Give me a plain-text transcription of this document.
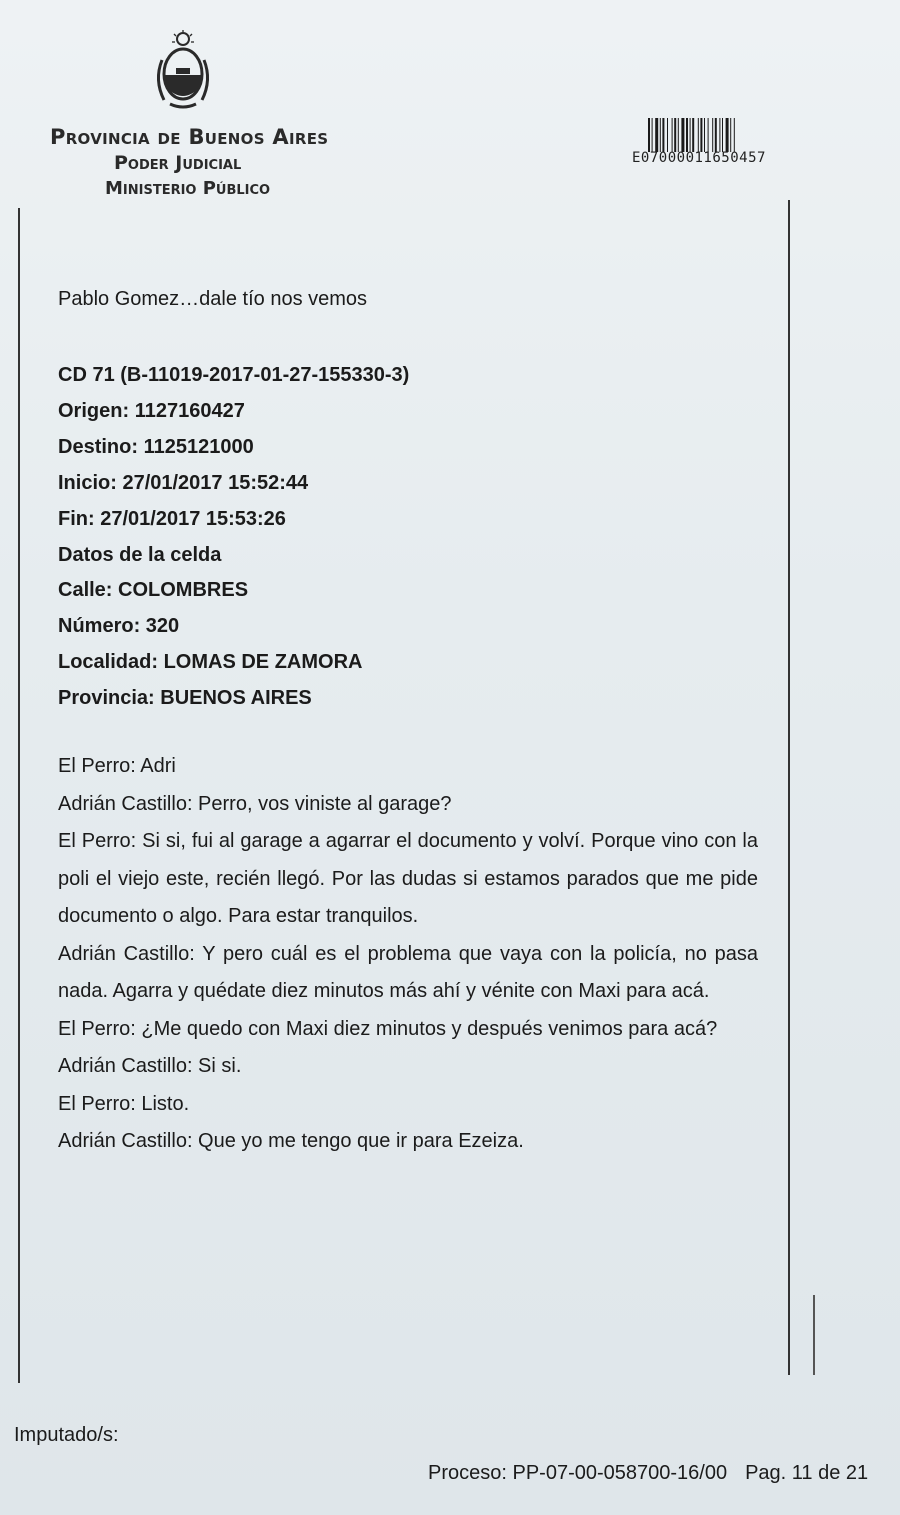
Provincia de Buenos Aires
Poder Judicial
Ministerio Público
E07000011650457

Pablo Gomez…dale tío nos vemos

CD 71 (B-11019-2017-01-27-155330-3)
Origen: 1127160427
Destino: 1125121000
Inicio: 27/01/2017 15:52:44
Fin: 27/01/2017 15:53:26
Datos de la celda
Calle: COLOMBRES
Número: 320
Localidad: LOMAS DE ZAMORA
Provincia: BUENOS AIRES

El Perro: Adri

Adrián Castillo: Perro, vos viniste al garage?

El Perro: Si si, fui al garage a agarrar el documento y volví. Porque vino con la poli el viejo este, recién llegó. Por las dudas si estamos parados que me pide documento o algo. Para estar tranquilos.

Adrián Castillo: Y pero cuál es el problema que vaya con la policía, no pasa nada. Agarra y quédate diez minutos más ahí y vénite con Maxi para acá.

El Perro: ¿Me quedo con Maxi diez minutos y después venimos para acá?

Adrián Castillo: Si si.

El Perro: Listo.

Adrián Castillo: Que yo me tengo que ir para Ezeiza.

Imputado/s:
Proceso: PP-07-00-058700-16/00 Pag. 11 de 21
